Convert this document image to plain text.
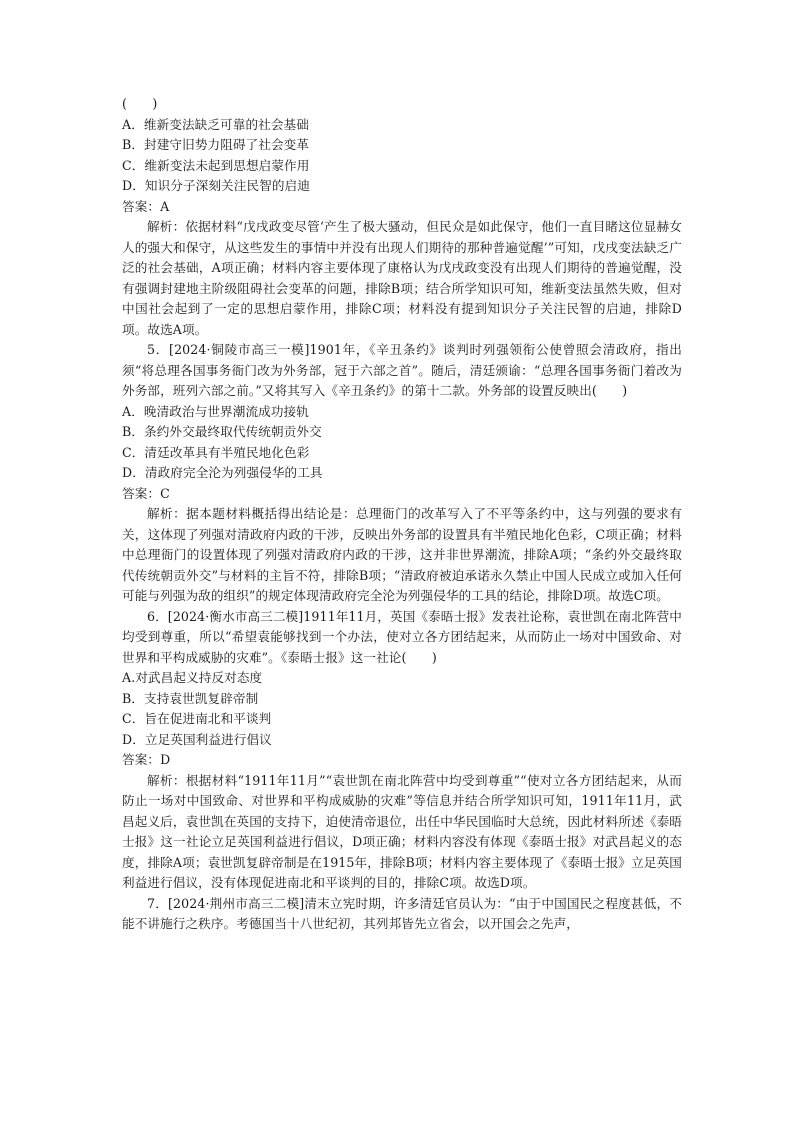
(　　)

A．维新变法缺乏可靠的社会基础

B．封建守旧势力阻碍了社会变革

C．维新变法未起到思想启蒙作用

D．知识分子深刻关注民智的启迪

答案：A

解析：依据材料“戊戌政变尽管‘产生了极大骚动，但民众是如此保守，他们一直目睹这位显赫女人的强大和保守，从这些发生的事情中并没有出现人们期待的那种普遍觉醒’”可知，戊戌变法缺乏广泛的社会基础，A项正确；材料内容主要体现了康格认为戊戌政变没有出现人们期待的普遍觉醒，没有强调封建地主阶级阻碍社会变革的问题，排除B项；结合所学知识可知，维新变法虽然失败，但对中国社会起到了一定的思想启蒙作用，排除C项；材料没有提到知识分子关注民智的启迪，排除D项。故选A项。

5．[2024·铜陵市高三一模]1901年，《辛丑条约》谈判时列强领衔公使曾照会清政府，指出须“将总理各国事务衙门改为外务部，冠于六部之首”。随后，清廷颁谕：“总理各国事务衙门着改为外务部，班列六部之前。”又将其写入《辛丑条约》的第十二款。外务部的设置反映出(　　)

A．晚清政治与世界潮流成功接轨

B．条约外交最终取代传统朝贡外交

C．清廷改革具有半殖民地化色彩

D．清政府完全沦为列强侵华的工具

答案：C

解析：据本题材料概括得出结论是：总理衙门的改革写入了不平等条约中，这与列强的要求有关，这体现了列强对清政府内政的干涉，反映出外务部的设置具有半殖民地化色彩，C项正确；材料中总理衙门的设置体现了列强对清政府内政的干涉，这并非世界潮流，排除A项；“条约外交最终取代传统朝贡外交”与材料的主旨不符，排除B项；“清政府被迫承诺永久禁止中国人民成立或加入任何可能与列强为敌的组织”的规定体现清政府完全沦为列强侵华的工具的结论，排除D项。故选C项。

6．[2024·衡水市高三二模]1911年11月，英国《泰晤士报》发表社论称，袁世凯在南北阵营中均受到尊重，所以“希望袁能够找到一个办法，使对立各方团结起来，从而防止一场对中国致命、对世界和平构成威胁的灾难”。《泰晤士报》这一社论(　　)

A.对武昌起义持反对态度

B．支持袁世凯复辟帝制

C．旨在促进南北和平谈判

D．立足英国利益进行倡议

答案：D

解析：根据材料“1911年11月”“袁世凯在南北阵营中均受到尊重”“使对立各方团结起来，从而防止一场对中国致命、对世界和平构成威胁的灾难”等信息并结合所学知识可知，1911年11月，武昌起义后，袁世凯在英国的支持下，迫使清帝退位，出任中华民国临时大总统，因此材料所述《泰晤士报》这一社论立足英国利益进行倡议，D项正确；材料内容没有体现《泰晤士报》对武昌起义的态度，排除A项；袁世凯复辟帝制是在1915年，排除B项；材料内容主要体现了《泰晤士报》立足英国利益进行倡议，没有体现促进南北和平谈判的目的，排除C项。故选D项。

7．[2024·荆州市高三二模]清末立宪时期，许多清廷官员认为：“由于中国国民之程度甚低，不能不讲施行之秩序。考德国当十八世纪初，其列邦皆先立省会，以开国会之先声，
